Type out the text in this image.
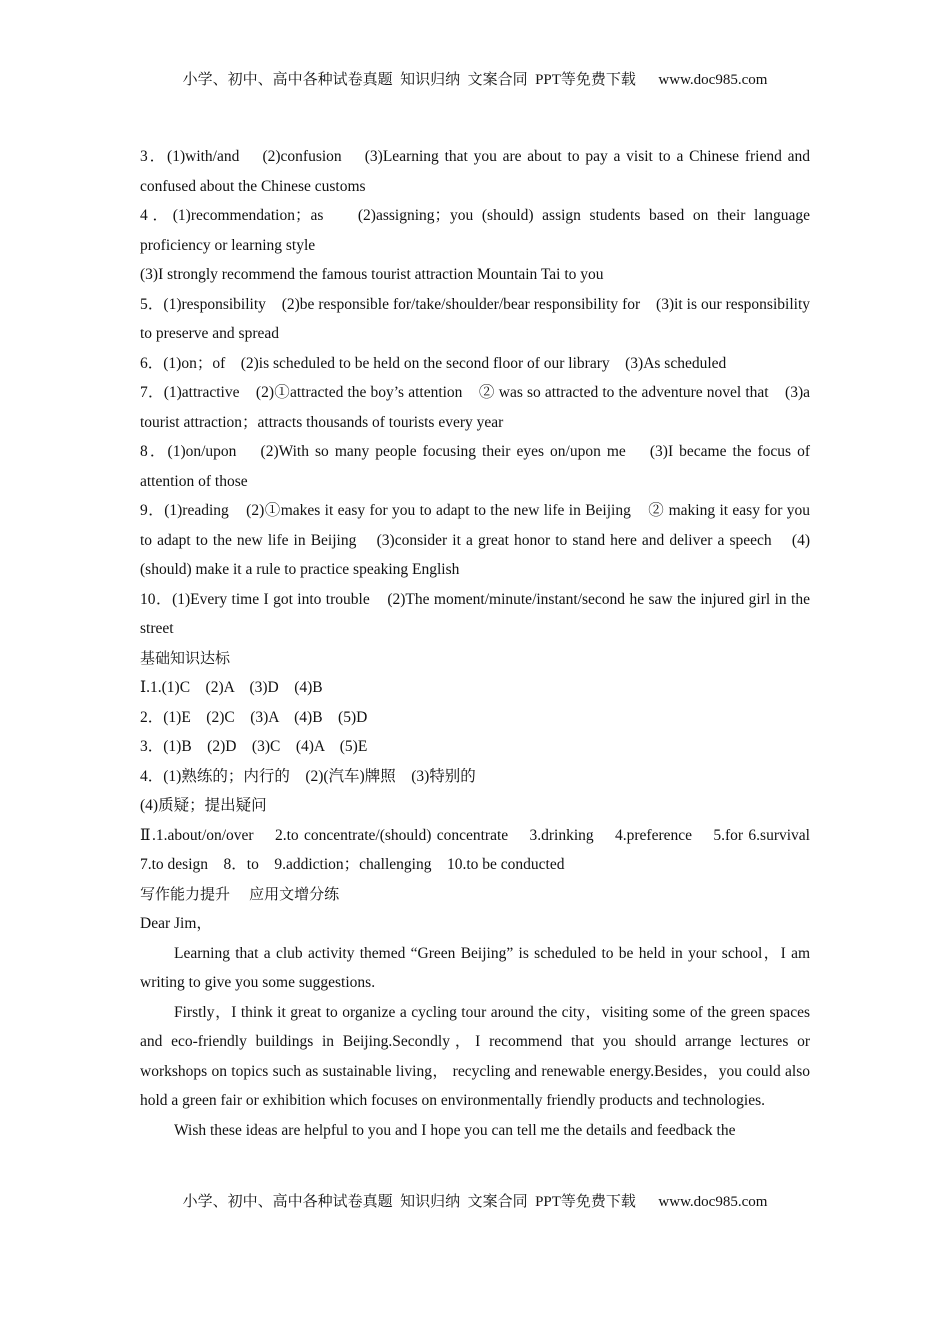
小学、初中、高中各种试卷真题  知识归纳  文案合同  PPT等免费下载      www.doc985.com

3．(1)with/and    (2)confusion    (3)Learning that you are about to pay a visit to a Chinese friend and confused about the Chinese customs

4．(1)recommendation；as    (2)assigning；you (should) assign students based on their language proficiency or learning style

(3)I strongly recommend the famous tourist attraction Mountain Tai to you

5．(1)responsibility    (2)be responsible for/take/shoulder/bear responsibility for    (3)it is our responsibility to preserve and spread

6．(1)on；of    (2)is scheduled to be held on the second floor of our library    (3)As scheduled

7．(1)attractive    (2)①attracted the boy’s attention    ② was so attracted to the adventure novel that    (3)a tourist attraction；attracts thousands of tourists every year

8．(1)on/upon    (2)With so many people focusing their eyes on/upon me    (3)I became the focus of attention of those

9．(1)reading    (2)①makes it easy for you to adapt to the new life in Beijing    ② making it easy for you to adapt to the new life in Beijing    (3)consider it a great honor to stand here and deliver a speech    (4)(should) make it a rule to practice speaking English

10．(1)Every time I got into trouble    (2)The moment/minute/instant/second he saw the injured girl in the street

基础知识达标

Ⅰ.1.(1)C    (2)A    (3)D    (4)B

2．(1)E    (2)C    (3)A    (4)B    (5)D

3．(1)B    (2)D    (3)C    (4)A    (5)E

4．(1)熟练的；内行的    (2)(汽车)牌照    (3)特别的

(4)质疑；提出疑问

Ⅱ.1.about/on/over    2.to concentrate/(should) concentrate    3.drinking    4.preference    5.for 6.survival    7.to design    8．to    9.addiction；challenging    10.to be conducted

写作能力提升    应用文增分练

Dear Jim，

Learning that a club activity themed “Green Beijing” is scheduled to be held in your school，I am writing to give you some suggestions.

Firstly，I think it great to organize a cycling tour around the city，visiting some of the green spaces and eco-friendly buildings in Beijing.Secondly，I recommend that you should arrange lectures or workshops on topics such as sustainable living， recycling and renewable energy.Besides，you could also hold a green fair or exhibition which focuses on environmentally friendly products and technologies.

Wish these ideas are helpful to you and I hope you can tell me the details and feedback the

小学、初中、高中各种试卷真题  知识归纳  文案合同  PPT等免费下载      www.doc985.com
